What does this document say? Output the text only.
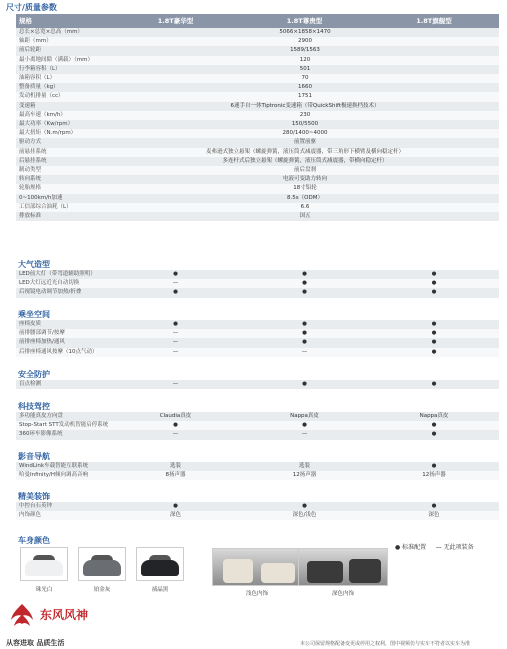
尺寸/质量参数
规格	1.8T豪华型	1.8T尊贵型	1.8T旗舰型
总长×总宽×总高（mm）	5066×1858×1470		
轴距（mm）	2900		
前后轮距	1589/1563		
最小离地间隙（满载）（mm）	120		
行李箱容积（L）	501		
油箱容积（L）	70		
整备质量（kg）	1660		
发动机排量（cc）	1751		
变速箱	6速手自一体Tiptronic变速箱（带QuickShift极速换档技术）		
最高车速（km/h）	230		
最大功率（Kw/rpm）	150/5500		
最大扭矩（N.m/rpm）	280/1400~4000		
驱动方式	前置前驱		
前悬挂系统	麦弗逊式独立悬架（螺旋弹簧，液压筒式减震器，带三角形下横臂及横向稳定杆）		
后悬挂系统	多连杆式后独立悬架（螺旋弹簧，液压筒式减震器，带横向稳定杆）		
制动类型	前后盘刹		
转向系统	电液可变助力转向		
轮胎规格	18寸铝轮		
0~100km/h加速	8.5s（ODM）		
工信部综合油耗（L）	6.6		
排放标准	国五		
大气造型
LED前大灯（带弯道辅助照明）	●	●	●
LED大灯远近光自动切换	—	●	●
后视镜电动调节加热/折叠	●	●	●
乘坐空间
座椅皮质	●	●	●
前排腰部调节/按摩	—	●	●
前排座椅加热/通风	—	●	●
后排座椅通风按摩（10点气动）	—	—	●
安全防护
盲点检测	—	●	●
科技驾控
多功能真皮方向盘	Claudia真皮	Nappa真皮	Nappa真皮
Stop-Start STT发动机智能启停系统	●	●	●
360环车影像系统	—	—	●
影音导航
WindLink车载智能互联系统	选装	选装	●
哈曼Infinity/H倾向调高音响	8扬声器	12扬声器	12扬声器
精美装饰
中控台石英钟	●	●	●
内饰颜色	深色	深色/浅色	深色
车身颜色
珠光白	铂金灰	祯晶黑
浅色内饰	深色内饰
● 标准配置 — 无此项装备
东风风神
从容进取 品质生活	本公司保留规格配备变更或停用之权利，图中视频仿与实车不符者以实车为准
